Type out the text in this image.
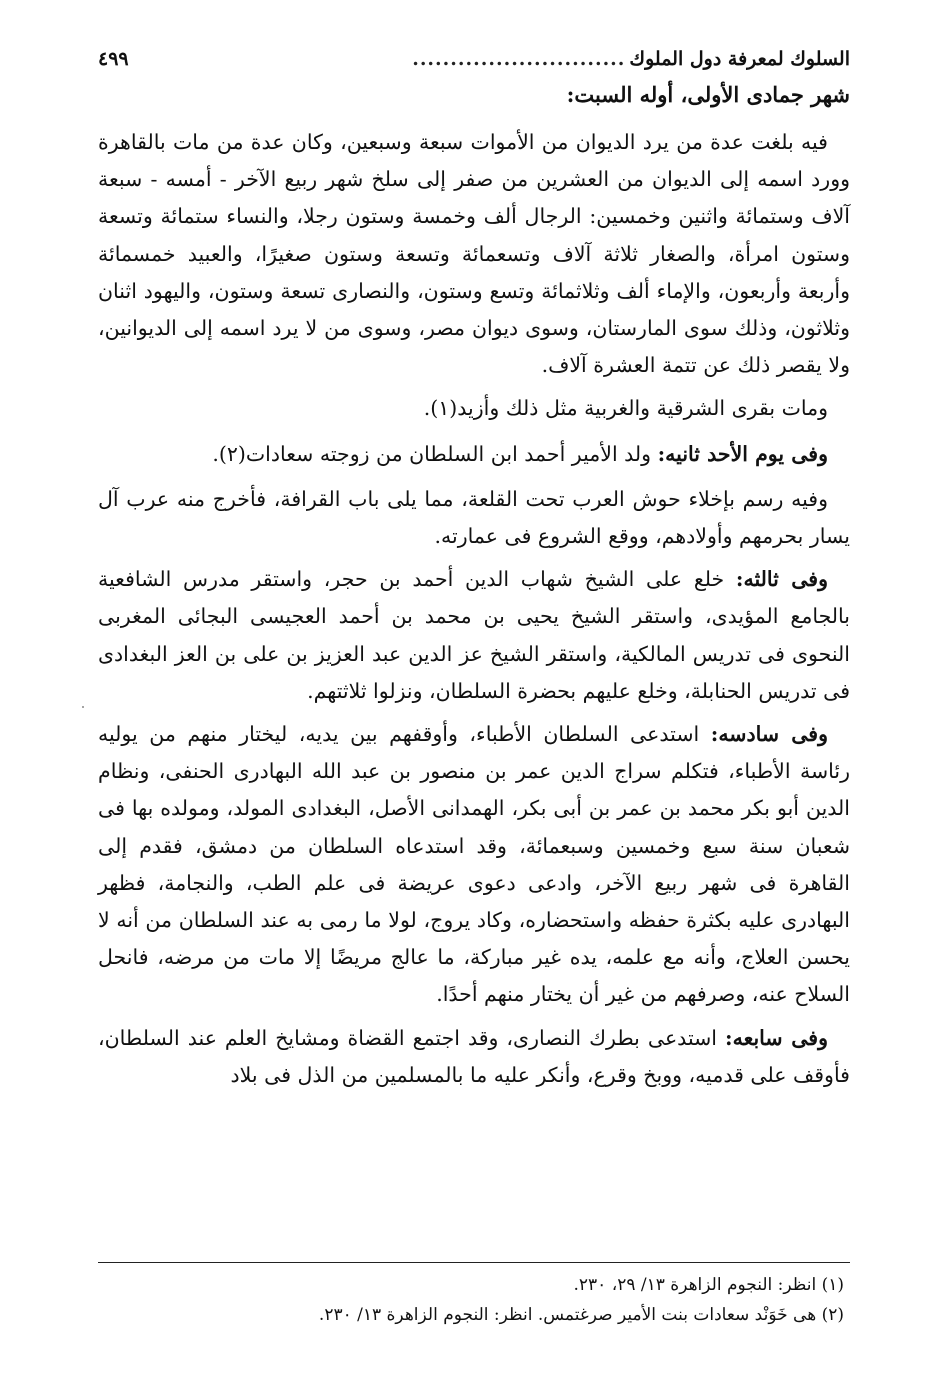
السلوك لمعرفة دول الملوك
............................
٤٩٩
شهر جمادى الأولى، أوله السبت:

فيه بلغت عدة من يرد الديوان من الأموات سبعة وسبعين، وكان عدة من مات بالقاهرة وورد اسمه إلى الديوان من العشرين من صفر إلى سلخ شهر ربيع الآخر - أمسه - سبعة آلاف وستمائة واثنين وخمسين: الرجال ألف وخمسة وستون رجلا، والنساء ستمائة وتسعة وستون امرأة، والصغار ثلاثة آلاف وتسعمائة وتسعة وستون صغيرًا، والعبيد خمسمائة وأربعة وأربعون، والإماء ألف وثلاثمائة وتسع وستون، والنصارى تسعة وستون، واليهود اثنان وثلاثون، وذلك سوى المارستان، وسوى ديوان مصر، وسوى من لا يرد اسمه إلى الديوانين، ولا يقصر ذلك عن تتمة العشرة آلاف.

ومات بقرى الشرقية والغربية مثل ذلك وأزيد(١).

وفى يوم الأحد ثانيه: ولد الأمير أحمد ابن السلطان من زوجته سعادات(٢).

وفيه رسم بإخلاء حوش العرب تحت القلعة، مما يلى باب القرافة، فأخرج منه عرب آل يسار بحرمهم وأولادهم، ووقع الشروع فى عمارته.

وفى ثالثه: خلع على الشيخ شهاب الدين أحمد بن حجر، واستقر مدرس الشافعية بالجامع المؤيدى، واستقر الشيخ يحيى بن محمد بن أحمد العجيسى البجائى المغربى النحوى فى تدريس المالكية، واستقر الشيخ عز الدين عبد العزيز بن على بن العز البغدادى فى تدريس الحنابلة، وخلع عليهم بحضرة السلطان، ونزلوا ثلاثتهم.

وفى سادسه: استدعى السلطان الأطباء، وأوقفهم بين يديه، ليختار منهم من يوليه رئاسة الأطباء، فتكلم سراج الدين عمر بن منصور بن عبد الله البهادرى الحنفى، ونظام الدين أبو بكر محمد بن عمر بن أبى بكر، الهمدانى الأصل، البغدادى المولد، ومولده بها فى شعبان سنة سبع وخمسين وسبعمائة، وقد استدعاه السلطان من دمشق، فقدم إلى القاهرة فى شهر ربيع الآخر، وادعى دعوى عريضة فى علم الطب، والنجامة، فظهر البهادرى عليه بكثرة حفظه واستحضاره، وكاد يروج، لولا ما رمى به عند السلطان من أنه لا يحسن العلاج، وأنه مع علمه، يده غير مباركة، ما عالج مريضًا إلا مات من مرضه، فانحل السلاح عنه، وصرفهم من غير أن يختار منهم أحدًا.

وفى سابعه: استدعى بطرك النصارى، وقد اجتمع القضاة ومشايخ العلم عند السلطان، فأوقف على قدميه، ووبخ وقرع، وأنكر عليه ما بالمسلمين من الذل فى بلاد

(١) انظر: النجوم الزاهرة ١٣/ ٢٩، ٢٣٠.
(٢) هى خَوَنْد سعادات بنت الأمير صرغتمس. انظر: النجوم الزاهرة ١٣/ ٢٣٠.
